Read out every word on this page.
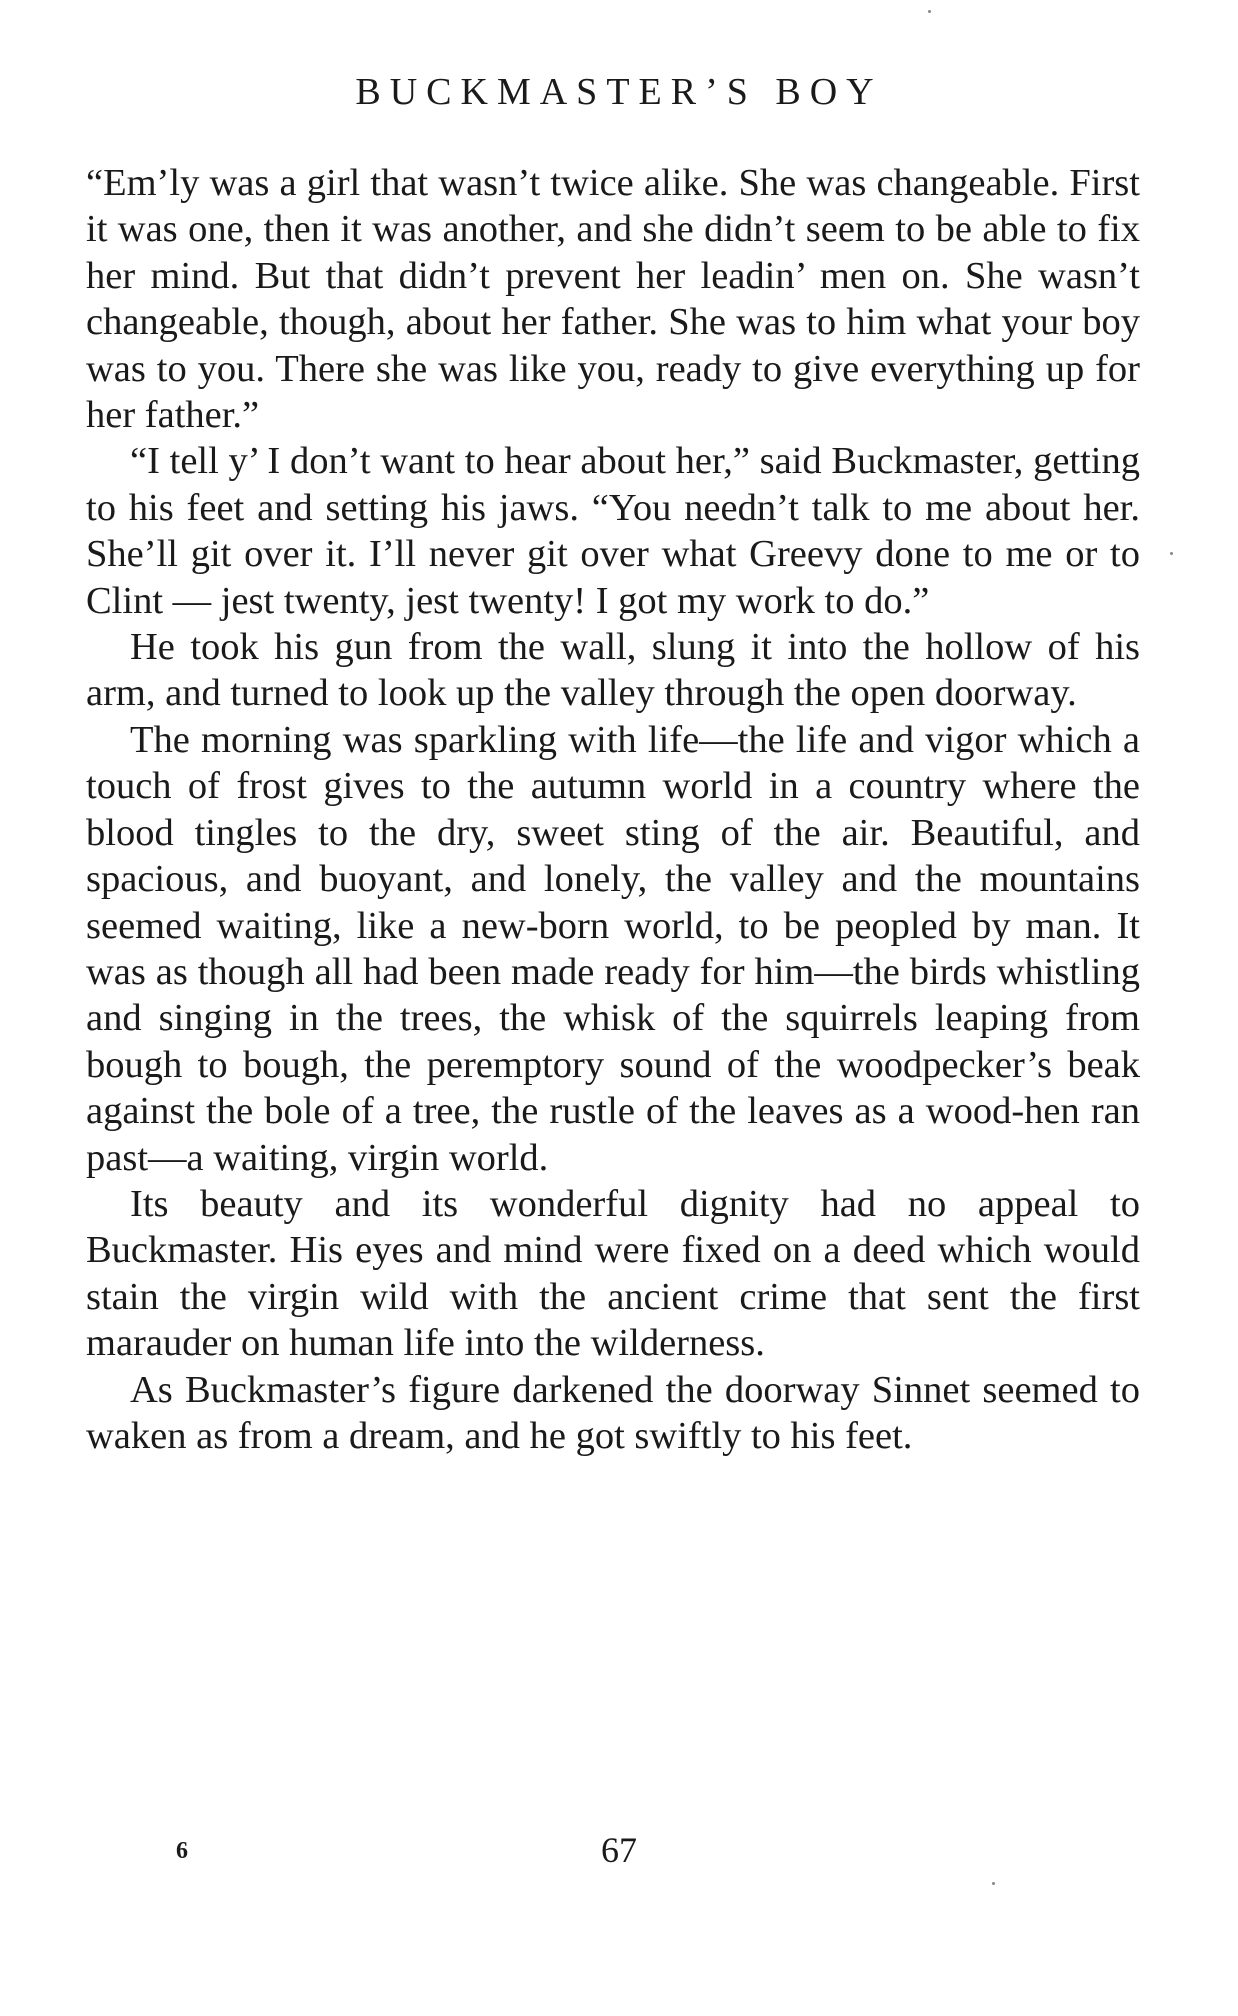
BUCKMASTER’S BOY

“Em’ly was a girl that wasn’t twice alike. She was changeable. First it was one, then it was another, and she didn’t seem to be able to fix her mind. But that didn’t prevent her leadin’ men on. She wasn’t changeable, though, about her father. She was to him what your boy was to you. There she was like you, ready to give everything up for her father.”

“I tell y’ I don’t want to hear about her,” said Buckmaster, getting to his feet and setting his jaws. “You needn’t talk to me about her. She’ll git over it. I’ll never git over what Greevy done to me or to Clint — jest twenty, jest twenty! I got my work to do.”

He took his gun from the wall, slung it into the hollow of his arm, and turned to look up the valley through the open doorway.

The morning was sparkling with life—the life and vigor which a touch of frost gives to the autumn world in a country where the blood tingles to the dry, sweet sting of the air. Beautiful, and spacious, and buoyant, and lonely, the valley and the mountains seemed waiting, like a new-born world, to be peopled by man. It was as though all had been made ready for him—the birds whistling and singing in the trees, the whisk of the squirrels leaping from bough to bough, the peremptory sound of the woodpecker’s beak against the bole of a tree, the rustle of the leaves as a wood-hen ran past—a waiting, virgin world.

Its beauty and its wonderful dignity had no appeal to Buckmaster. His eyes and mind were fixed on a deed which would stain the virgin wild with the ancient crime that sent the first marauder on human life into the wilderness.

As Buckmaster’s figure darkened the doorway Sinnet seemed to waken as from a dream, and he got swiftly to his feet.

6	67
